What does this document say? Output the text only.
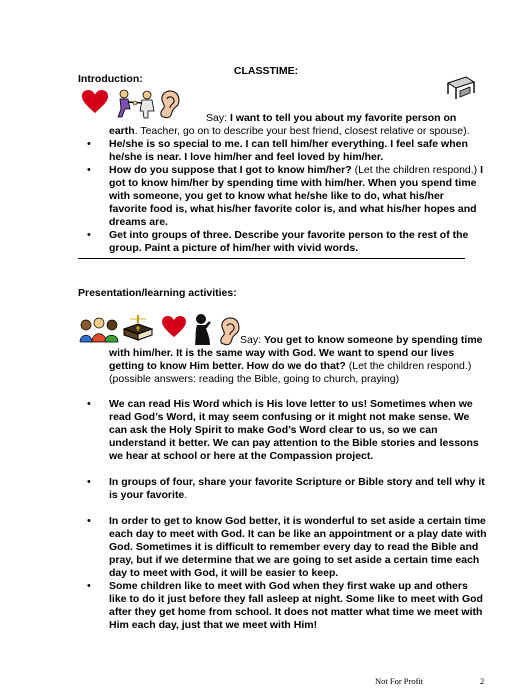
CLASSTIME:
Introduction:
Say: I want to tell you about my favorite person on earth. Teacher, go on to describe your best friend, closest relative or spouse).
• He/she is so special to me. I can tell him/her everything. I feel safe when he/she is near. I love him/her and feel loved by him/her.
• How do you suppose that I got to know him/her? (Let the children respond.) I got to know him/her by spending time with him/her. When you spend time with someone, you get to know what he/she like to do, what his/her favorite food is, what his/her favorite color is, and what his/her hopes and dreams are.
• Get into groups of three. Describe your favorite person to the rest of the group. Paint a picture of him/her with vivid words.
Presentation/learning activities:
Say: You get to know someone by spending time with him/her. It is the same way with God. We want to spend our lives getting to know Him better. How do we do that? (Let the children respond.) (possible answers: reading the Bible, going to church, praying)
• We can read His Word which is His love letter to us! Sometimes when we read God’s Word, it may seem confusing or it might not make sense. We can ask the Holy Spirit to make God’s Word clear to us, so we can understand it better. We can pay attention to the Bible stories and lessons we hear at school or here at the Compassion project.
• In groups of four, share your favorite Scripture or Bible story and tell why it is your favorite.
• In order to get to know God better, it is wonderful to set aside a certain time each day to meet with God. It can be like an appointment or a play date with God. Sometimes it is difficult to remember every day to read the Bible and pray, but if we determine that we are going to set aside a certain time each day to meet with God, it will be easier to keep.
• Some children like to meet with God when they first wake up and others like to do it just before they fall asleep at night. Some like to meet with God after they get home from school. It does not matter what time we meet with Him each day, just that we meet with Him!
Not For Profit	2
